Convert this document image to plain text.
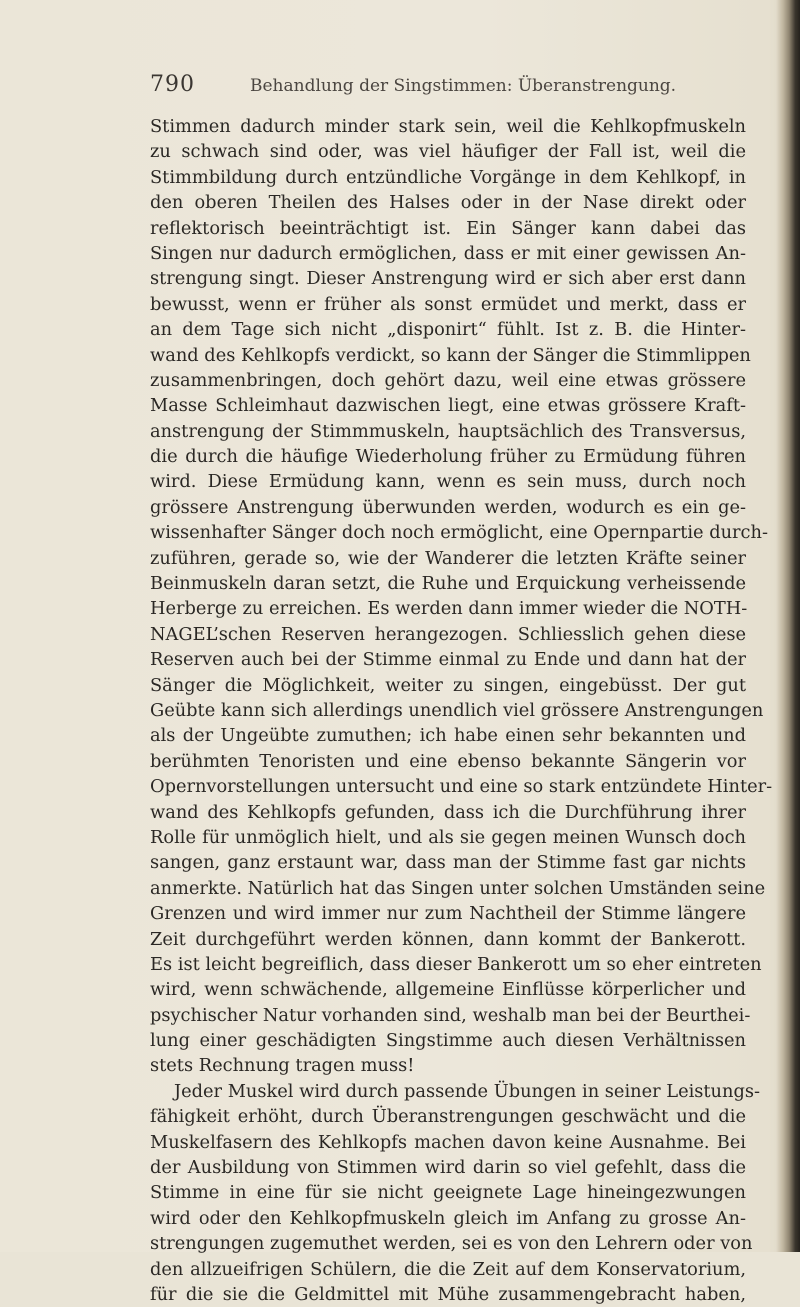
790	Behandlung der Singstimmen: Überanstrengung.
Stimmen dadurch minder stark sein, weil die Kehlkopfmuskeln
zu schwach sind oder, was viel häufiger der Fall ist, weil die
Stimmbildung durch entzündliche Vorgänge in dem Kehlkopf, in
den oberen Theilen des Halses oder in der Nase direkt oder
reflektorisch beeinträchtigt ist. Ein Sänger kann dabei das
Singen nur dadurch ermöglichen, dass er mit einer gewissen An-
strengung singt. Dieser Anstrengung wird er sich aber erst dann
bewusst, wenn er früher als sonst ermüdet und merkt, dass er
an dem Tage sich nicht „disponirt“ fühlt. Ist z. B. die Hinter-
wand des Kehlkopfs verdickt, so kann der Sänger die Stimmlippen
zusammenbringen, doch gehört dazu, weil eine etwas grössere
Masse Schleimhaut dazwischen liegt, eine etwas grössere Kraft-
anstrengung der Stimmmuskeln, hauptsächlich des Transversus,
die durch die häufige Wiederholung früher zu Ermüdung führen
wird. Diese Ermüdung kann, wenn es sein muss, durch noch
grössere Anstrengung überwunden werden, wodurch es ein ge-
wissenhafter Sänger doch noch ermöglicht, eine Opernpartie durch-
zuführen, gerade so, wie der Wanderer die letzten Kräfte seiner
Beinmuskeln daran setzt, die Ruhe und Erquickung verheissende
Herberge zu erreichen. Es werden dann immer wieder die NOTH-
NAGEL’schen Reserven herangezogen. Schliesslich gehen diese
Reserven auch bei der Stimme einmal zu Ende und dann hat der
Sänger die Möglichkeit, weiter zu singen, eingebüsst. Der gut
Geübte kann sich allerdings unendlich viel grössere Anstrengungen
als der Ungeübte zumuthen; ich habe einen sehr bekannten und
berühmten Tenoristen und eine ebenso bekannte Sängerin vor
Opernvorstellungen untersucht und eine so stark entzündete Hinter-
wand des Kehlkopfs gefunden, dass ich die Durchführung ihrer
Rolle für unmöglich hielt, und als sie gegen meinen Wunsch doch
sangen, ganz erstaunt war, dass man der Stimme fast gar nichts
anmerkte. Natürlich hat das Singen unter solchen Umständen seine
Grenzen und wird immer nur zum Nachtheil der Stimme längere
Zeit durchgeführt werden können, dann kommt der Bankerott.
Es ist leicht begreiflich, dass dieser Bankerott um so eher eintreten
wird, wenn schwächende, allgemeine Einflüsse körperlicher und
psychischer Natur vorhanden sind, weshalb man bei der Beurthei-
lung einer geschädigten Singstimme auch diesen Verhältnissen
stets Rechnung tragen muss!
Jeder Muskel wird durch passende Übungen in seiner Leistungs-
fähigkeit erhöht, durch Überanstrengungen geschwächt und die
Muskelfasern des Kehlkopfs machen davon keine Ausnahme. Bei
der Ausbildung von Stimmen wird darin so viel gefehlt, dass die
Stimme in eine für sie nicht geeignete Lage hineingezwungen
wird oder den Kehlkopfmuskeln gleich im Anfang zu grosse An-
strengungen zugemuthet werden, sei es von den Lehrern oder von
den allzueifrigen Schülern, die die Zeit auf dem Konservatorium,
für die sie die Geldmittel mit Mühe zusammengebracht haben,
